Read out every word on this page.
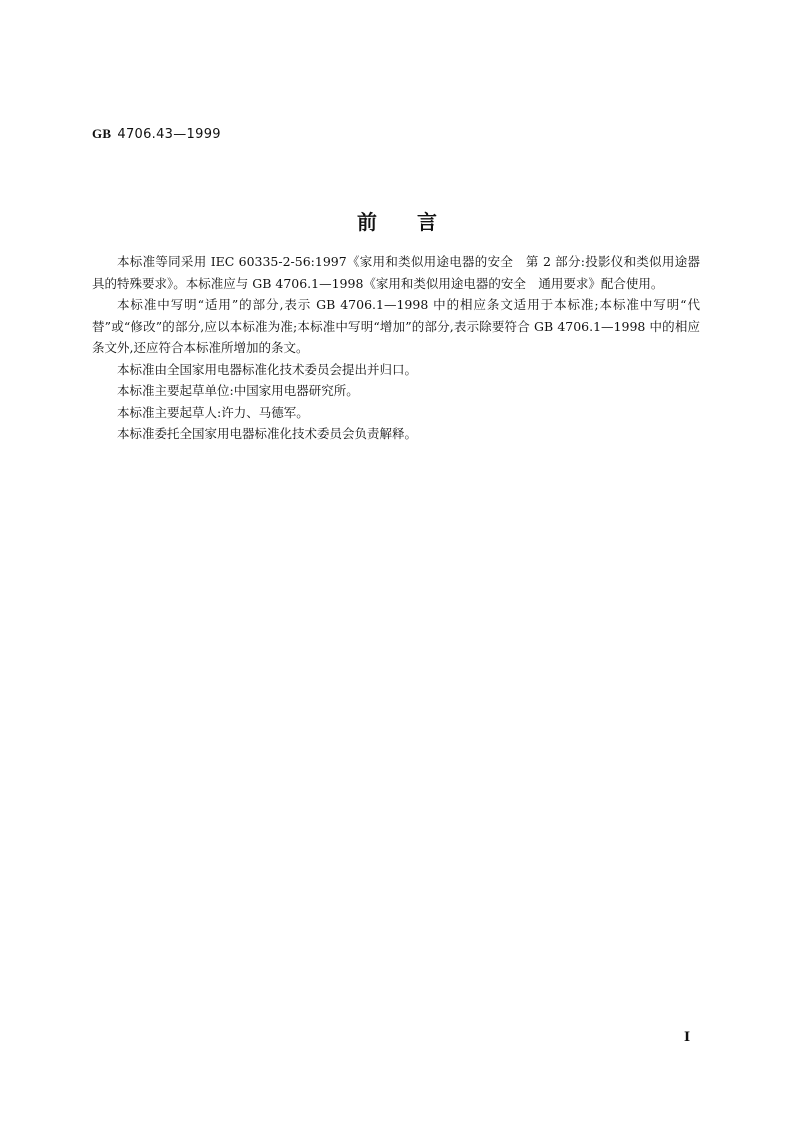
GB 4706.43—1999
前言

本标准等同采用 IEC 60335-2-56:1997《家用和类似用途电器的安全　第 2 部分:投影仪和类似用途器具的特殊要求》。本标准应与 GB 4706.1—1998《家用和类似用途电器的安全　通用要求》配合使用。

本标准中写明“适用”的部分,表示 GB 4706.1—1998 中的相应条文适用于本标准;本标准中写明“代替”或“修改”的部分,应以本标准为准;本标准中写明“增加”的部分,表示除要符合 GB 4706.1—1998 中的相应条文外,还应符合本标准所增加的条文。

本标准由全国家用电器标准化技术委员会提出并归口。

本标准主要起草单位:中国家用电器研究所。

本标准主要起草人:许力、马德军。

本标准委托全国家用电器标准化技术委员会负责解释。

Ⅰ
